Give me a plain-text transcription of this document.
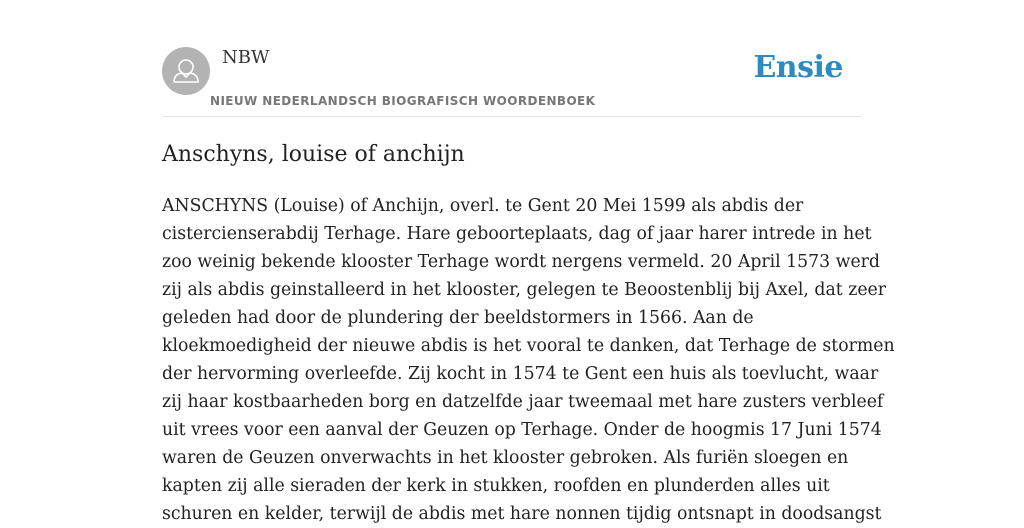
NBW
NIEUW NEDERLANDSCH BIOGRAFISCH WOORDENBOEK
Ensie
Anschyns, louise of anchijn
ANSCHYNS (Louise) of Anchijn, overl. te Gent 20 Mei 1599 als abdis der
cistercienserabdij Terhage. Hare geboorteplaats, dag of jaar harer intrede in het
zoo weinig bekende klooster Terhage wordt nergens vermeld. 20 April 1573 werd
zij als abdis geinstalleerd in het klooster, gelegen te Beoostenblij bij Axel, dat zeer
geleden had door de plundering der beeldstormers in 1566. Aan de
kloekmoedigheid der nieuwe abdis is het vooral te danken, dat Terhage de stormen
der hervorming overleefde. Zij kocht in 1574 te Gent een huis als toevlucht, waar
zij haar kostbaarheden borg en datzelfde jaar tweemaal met hare zusters verbleef
uit vrees voor een aanval der Geuzen op Terhage. Onder de hoogmis 17 Juni 1574
waren de Geuzen onverwachts in het klooster gebroken. Als furiën sloegen en
kapten zij alle sieraden der kerk in stukken, roofden en plunderden alles uit
schuren en kelder, terwijl de abdis met hare nonnen tijdig ontsnapt in doodsangst
